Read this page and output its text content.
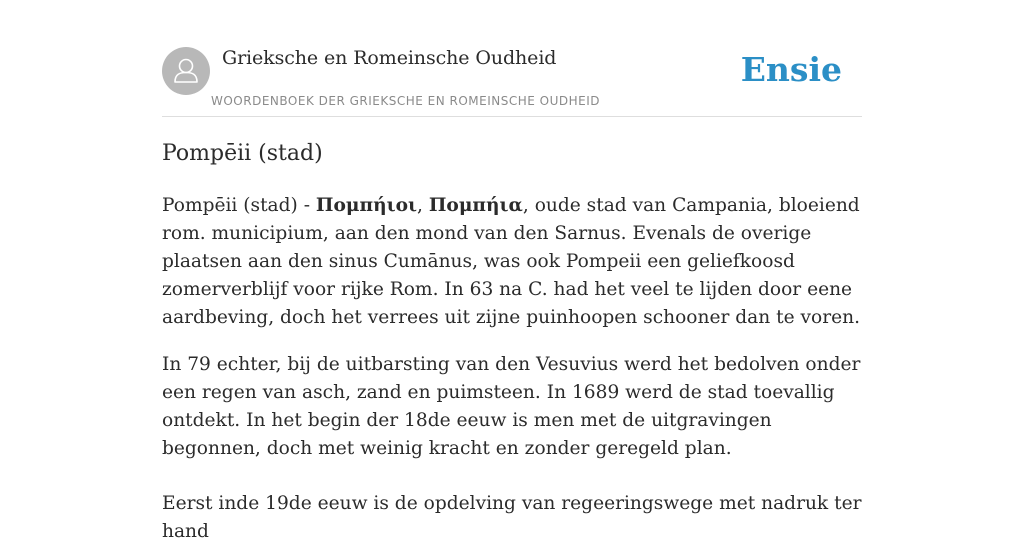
Grieksche en Romeinsche Oudheid
WOORDENBOEK DER GRIEKSCHE EN ROMEINSCHE OUDHEID
Ensie
Pompēii (stad)

Pompēii (stad) - Πομπήιοι, Πομπήια, oude stad van Campania, bloeiend rom. municipium, aan den mond van den Sarnus. Evenals de overige plaatsen aan den sinus Cumānus, was ook Pompeii een geliefkoosd zomerverblijf voor rijke Rom. In 63 na C. had het veel te lijden door eene aardbeving, doch het verrees uit zijne puinhoopen schooner dan te voren.

In 79 echter, bij de uitbarsting van den Vesuvius werd het bedolven onder een regen van asch, zand en puimsteen. In 1689 werd de stad toevallig ontdekt. In het begin der 18de eeuw is men met de uitgravingen begonnen, doch met weinig kracht en zonder geregeld plan.

Eerst inde 19de eeuw is de opdelving van regeeringswege met nadruk ter hand
